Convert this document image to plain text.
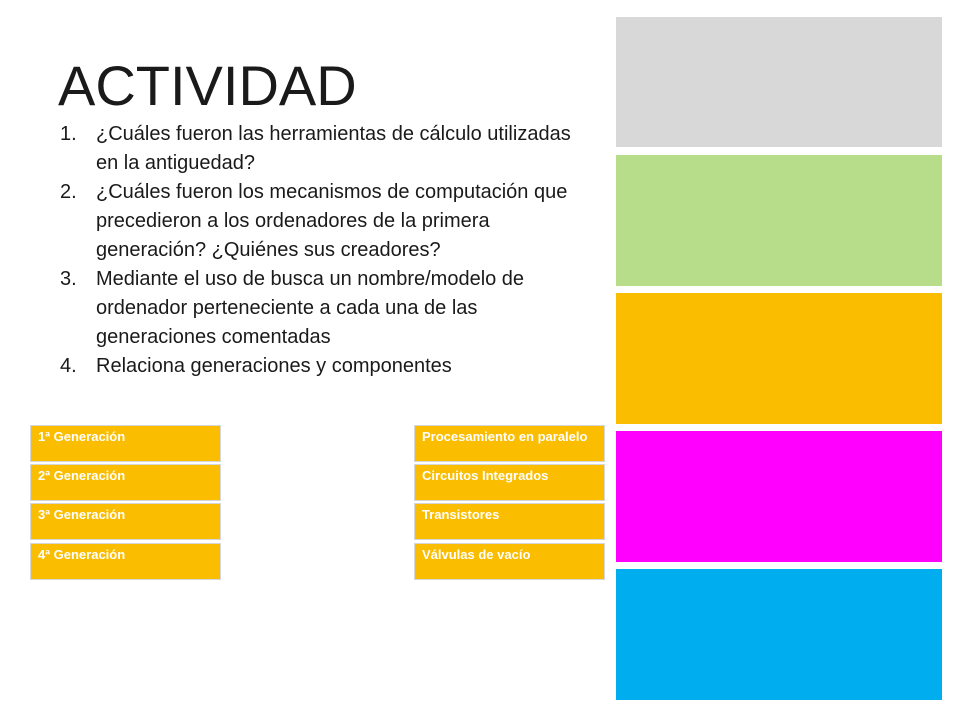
ACTIVIDAD
1. ¿Cuáles fueron las herramientas de cálculo utilizadas en la antiguedad?
2. ¿Cuáles fueron los mecanismos de computación que precedieron a los ordenadores de la primera generación? ¿Quiénes sus creadores?
3. Mediante el uso de busca un nombre/modelo de ordenador perteneciente a cada una de las generaciones comentadas
4. Relaciona generaciones y componentes
1ª Generación
2ª Generación
3ª Generación
4ª Generación
Procesamiento en paralelo
Circuitos Integrados
Transistores
Válvulas de vacío
